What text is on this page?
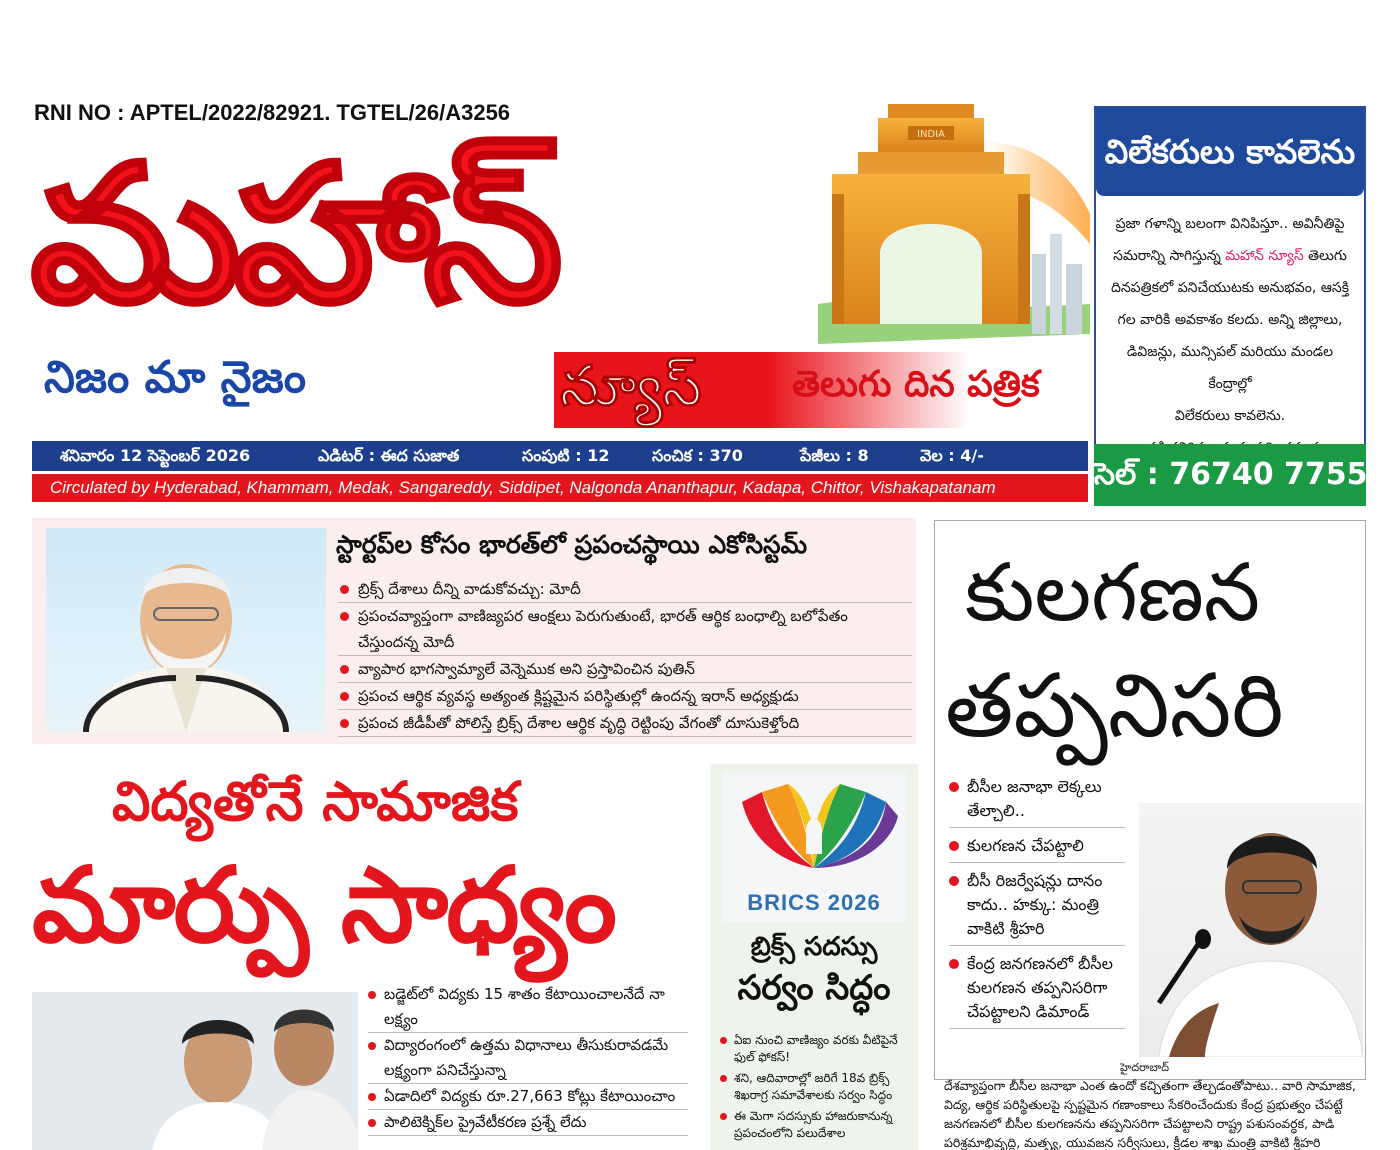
RNI NO : APTEL/2022/82921. TGTEL/26/A3256
INDIA
మహాన్
నిజం మా నైజం	న్యూస్	తెలుగు దిన పత్రిక
శనివారం 12 సెప్టెంబర్ 2026	ఎడిటర్ : ఈద సుజాత	సంపుటి : 12	సంచిక : 370	పేజీలు : 8	వెల : 4/-
Circulated by Hyderabad, Khammam, Medak, Sangareddy, Siddipet, Nalgonda Ananthapur, Kadapa, Chittor, Vishakapatanam
విలేకరులు కావలెను
ప్రజా గళాన్ని బలంగా వినిపిస్తూ.. అవినీతిపై
సమరాన్ని సాగిస్తున్న మహాన్ న్యూస్ తెలుగు
దినపత్రికలో పనిచేయుటకు అనుభవం, ఆసక్తి
గల వారికి అవకాశం కలదు. అన్ని జిల్లాలు,
డివిజన్లు, మున్సిపల్ మరియు మండల కేంద్రాల్లో
విలేకరులు కావలెను.
సెల్ : 76740 77551
స్టార్టప్‌ల కోసం భారత్‌లో ప్రపంచస్థాయి ఎకోసిస్టమ్
బ్రిక్స్ దేశాలు దీన్ని వాడుకోవచ్చు: మోదీ
ప్రపంచవ్యాప్తంగా వాణిజ్యపర ఆంక్షలు పెరుగుతుంటే, భారత్ ఆర్థిక బంధాల్ని బలోపేతం చేస్తుందన్న మోదీ
వ్యాపార భాగస్వామ్యాలే వెన్నెముక అని ప్రస్తావించిన పుతిన్
ప్రపంచ ఆర్థిక వ్యవస్థ అత్యంత క్లిష్టమైన పరిస్థితుల్లో ఉందన్న ఇరాన్ అధ్యక్షుడు
ప్రపంచ జీడీపీతో పోలిస్తే బ్రిక్స్ దేశాల ఆర్థిక వృద్ధి రెట్టింపు వేగంతో దూసుకెళ్తోంది
విద్యతోనే సామాజిక
మార్పు సాధ్యం
బడ్జెట్‌లో విద్యకు 15 శాతం కేటాయించాలనేదే నా లక్ష్యం
విద్యారంగంలో ఉత్తమ విధానాలు తీసుకురావడమే లక్ష్యంగా పనిచేస్తున్నా
ఏడాదిలో విద్యకు రూ.27,663 కోట్లు కేటాయించాం
పాలిటెక్నిక్‌ల ప్రైవేటీకరణ ప్రశ్నే లేదు
BRICS 2026
బ్రిక్స్ సదస్సు
సర్వం సిద్ధం
ఏఐ నుంచి వాణిజ్యం వరకు వీటిపైనే ఫుల్ ఫోకస్!
శని, ఆదివారాల్లో జరిగే 18వ బ్రిక్స్ శిఖరాగ్ర సమావేశాలకు సర్వం సిద్ధం
ఈ మెగా సదస్సుకు హాజరుకానున్న ప్రపంచంలోని పలుదేశాల
కులగణన
తప్పనిసరి
బీసీల జనాభా లెక్కలు తేల్చాలి..
కులగణన చేపట్టాలి
బీసీ రిజర్వేషన్లు దానం కాదు.. హక్కు: మంత్రి వాకిటి శ్రీహరి
కేంద్ర జనగణనలో బీసీల కులగణన తప్పనిసరిగా చేపట్టాలని డిమాండ్
హైదరాబాద్
దేశవ్యాప్తంగా బీసీల జనాభా ఎంత ఉందో కచ్చితంగా తేల్చడంతోపాటు.. వారి సామాజిక, విద్య, ఆర్థిక పరిస్థితులపై స్పష్టమైన గణాంకాలు సేకరించేందుకు కేంద్ర ప్రభుత్వం చేపట్టే జనగణనలో బీసీల కులగణనను తప్పనిసరిగా చేపట్టాలని రాష్ట్ర పశుసంవర్ధక, పాడి పరిశ్రమాభివృద్ధి, మత్స్య, యువజన సర్వీసులు, క్రీడల శాఖ మంత్రి వాకిటి శ్రీహరి
